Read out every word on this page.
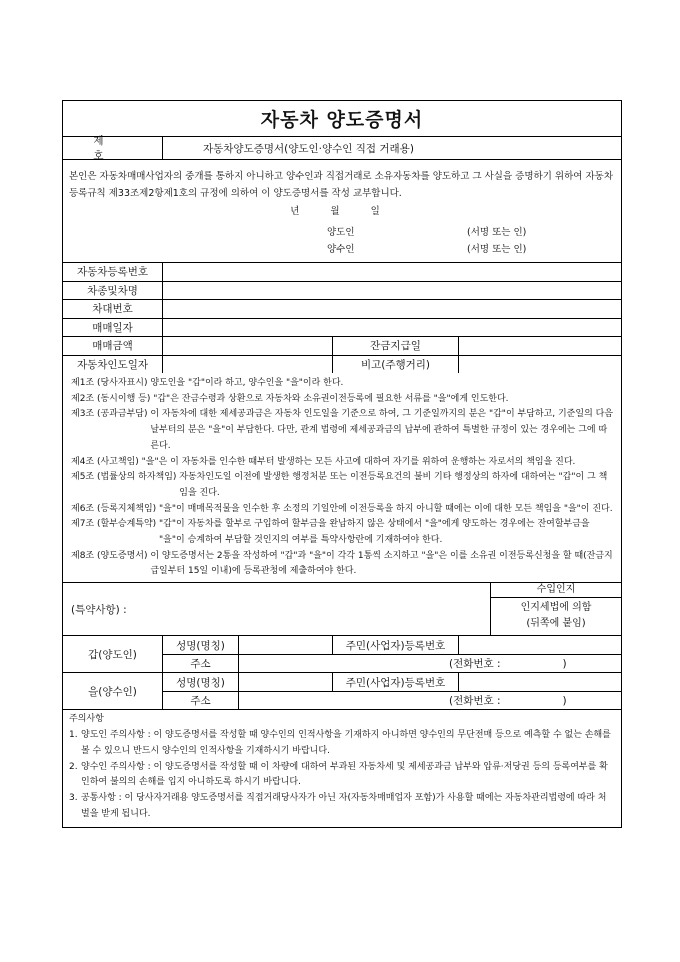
자동차 양도증명서
제 호
자동차양도증명서(양도인·양수인 직접 거래용)
본인은 자동차매매사업자의 중개를 통하지 아니하고 양수인과 직접거래로 소유자동차를 양도하고 그 사실을 증명하기 위하여 자동차등록규칙 제33조제2항제1호의 규정에 의하여 이 양도증명서를 작성 교부합니다.
년 월 일
양도인	(서명 또는 인)
양수인	(서명 또는 인)
자동차등록번호
차종및차명
차대번호
매매일자
매매금액	잔금지급일
자동차인도일자	비고(주행거리)
제1조 (당사자표시)
양도인을 "갑"이라 하고, 양수인을 "을"이라 한다.
제2조 (동시이행 등)
"갑"은 잔금수령과 상환으로 자동차와 소유권이전등록에 필요한 서류를 "을"에게 인도한다.
제3조 (공과금부담)
이 자동차에 대한 제세공과금은 자동차 인도일을 기준으로 하여, 그 기준일까지의 분은 "갑"이 부담하고, 기준일의 다음날부터의 분은 "을"이 부담한다. 다만, 관계 법령에 제세공과금의 납부에 관하여 특별한 규정이 있는 경우에는 그에 따른다.
제4조 (사고책임)
"을"은 이 자동차를 인수한 때부터 발생하는 모든 사고에 대하여 자기를 위하여 운행하는 자로서의 책임을 진다.
제5조 (법률상의 하자책임)
자동차인도일 이전에 발생한 행정처분 또는 이전등록요건의 불비 기타 행정상의 하자에 대하여는 "갑"이 그 책임을 진다.
제6조 (등록지체책임)
"을"이 매매목적물을 인수한 후 소정의 기일안에 이전등록을 하지 아니할 때에는 이에 대한 모든 책임을 "을"이 진다.
제7조 (할부승계특약)
"갑"이 자동차를 할부로 구입하여 할부금을 완납하지 않은 상태에서 "을"에게 양도하는 경우에는 잔여할부금을 "을"이 승계하여 부담할 것인지의 여부를 특약사항란에 기재하여야 한다.
제8조 (양도증명서)
이 양도증명서는 2통을 작성하여 "갑"과 "을"이 각각 1통씩 소지하고 "을"은 이를 소유권 이전등록신청을 할 때(잔금지급일부터 15일 이내)에 등록관청에 제출하여야 한다.
(특약사항) :
수입인지
인지세법에 의함
(뒤쪽에 붙임)
갑(양도인)
성명(명칭)	주민(사업자)등록번호
주소	(전화번호 :	)
을(양수인)
성명(명칭)	주민(사업자)등록번호
주소	(전화번호 :	)
주의사항
1. 양도인 주의사항 : 이 양도증명서를 작성할 때 양수인의 인적사항을 기재하지 아니하면 양수인의 무단전매 등으로 예측할 수 없는 손해를 볼 수 있으니 반드시 양수인의 인적사항을 기재하시기 바랍니다.
2. 양수인 주의사항 : 이 양도증명서를 작성할 때 이 차량에 대하여 부과된 자동차세 및 제세공과금 납부와 압류·저당권 등의 등록여부를 확인하여 불의의 손해를 입지 아니하도록 하시기 바랍니다.
3. 공통사항 : 이 당사자거래용 양도증명서를 직접거래당사자가 아닌 자(자동차매매업자 포함)가 사용할 때에는 자동차관리법령에 따라 처벌을 받게 됩니다.
